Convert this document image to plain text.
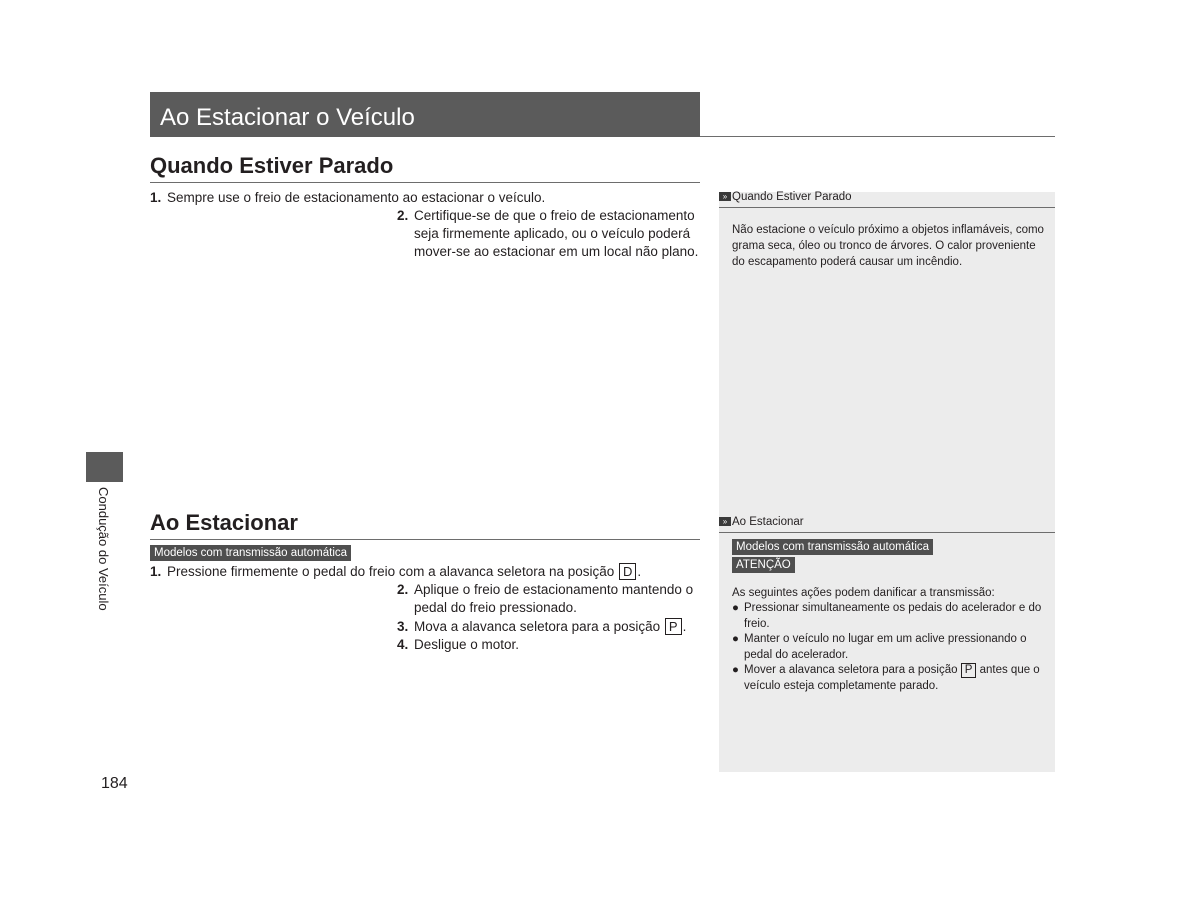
Ao Estacionar o Veículo
Quando Estiver Parado
1. Sempre use o freio de estacionamento ao estacionar o veículo.
2. Certifique-se de que o freio de estacionamento seja firmemente aplicado, ou o veículo poderá mover-se ao estacionar em um local não plano.
Ao Estacionar
Modelos com transmissão automática
1. Pressione firmemente o pedal do freio com a alavanca seletora na posição D .
2. Aplique o freio de estacionamento mantendo o pedal do freio pressionado.
3. Mova a alavanca seletora para a posição P .
4. Desligue o motor.
» Quando Estiver Parado
Não estacione o veículo próximo a objetos inflamáveis, como grama seca, óleo ou tronco de árvores. O calor proveniente do escapamento poderá causar um incêndio.
» Ao Estacionar
Modelos com transmissão automática
ATENÇÃO
As seguintes ações podem danificar a transmissão:
● Pressionar simultaneamente os pedais do acelerador e do freio.
● Manter o veículo no lugar em um aclive pressionando o pedal do acelerador.
● Mover a alavanca seletora para a posição P antes que o veículo esteja completamente parado.
Condução do Veículo
184
